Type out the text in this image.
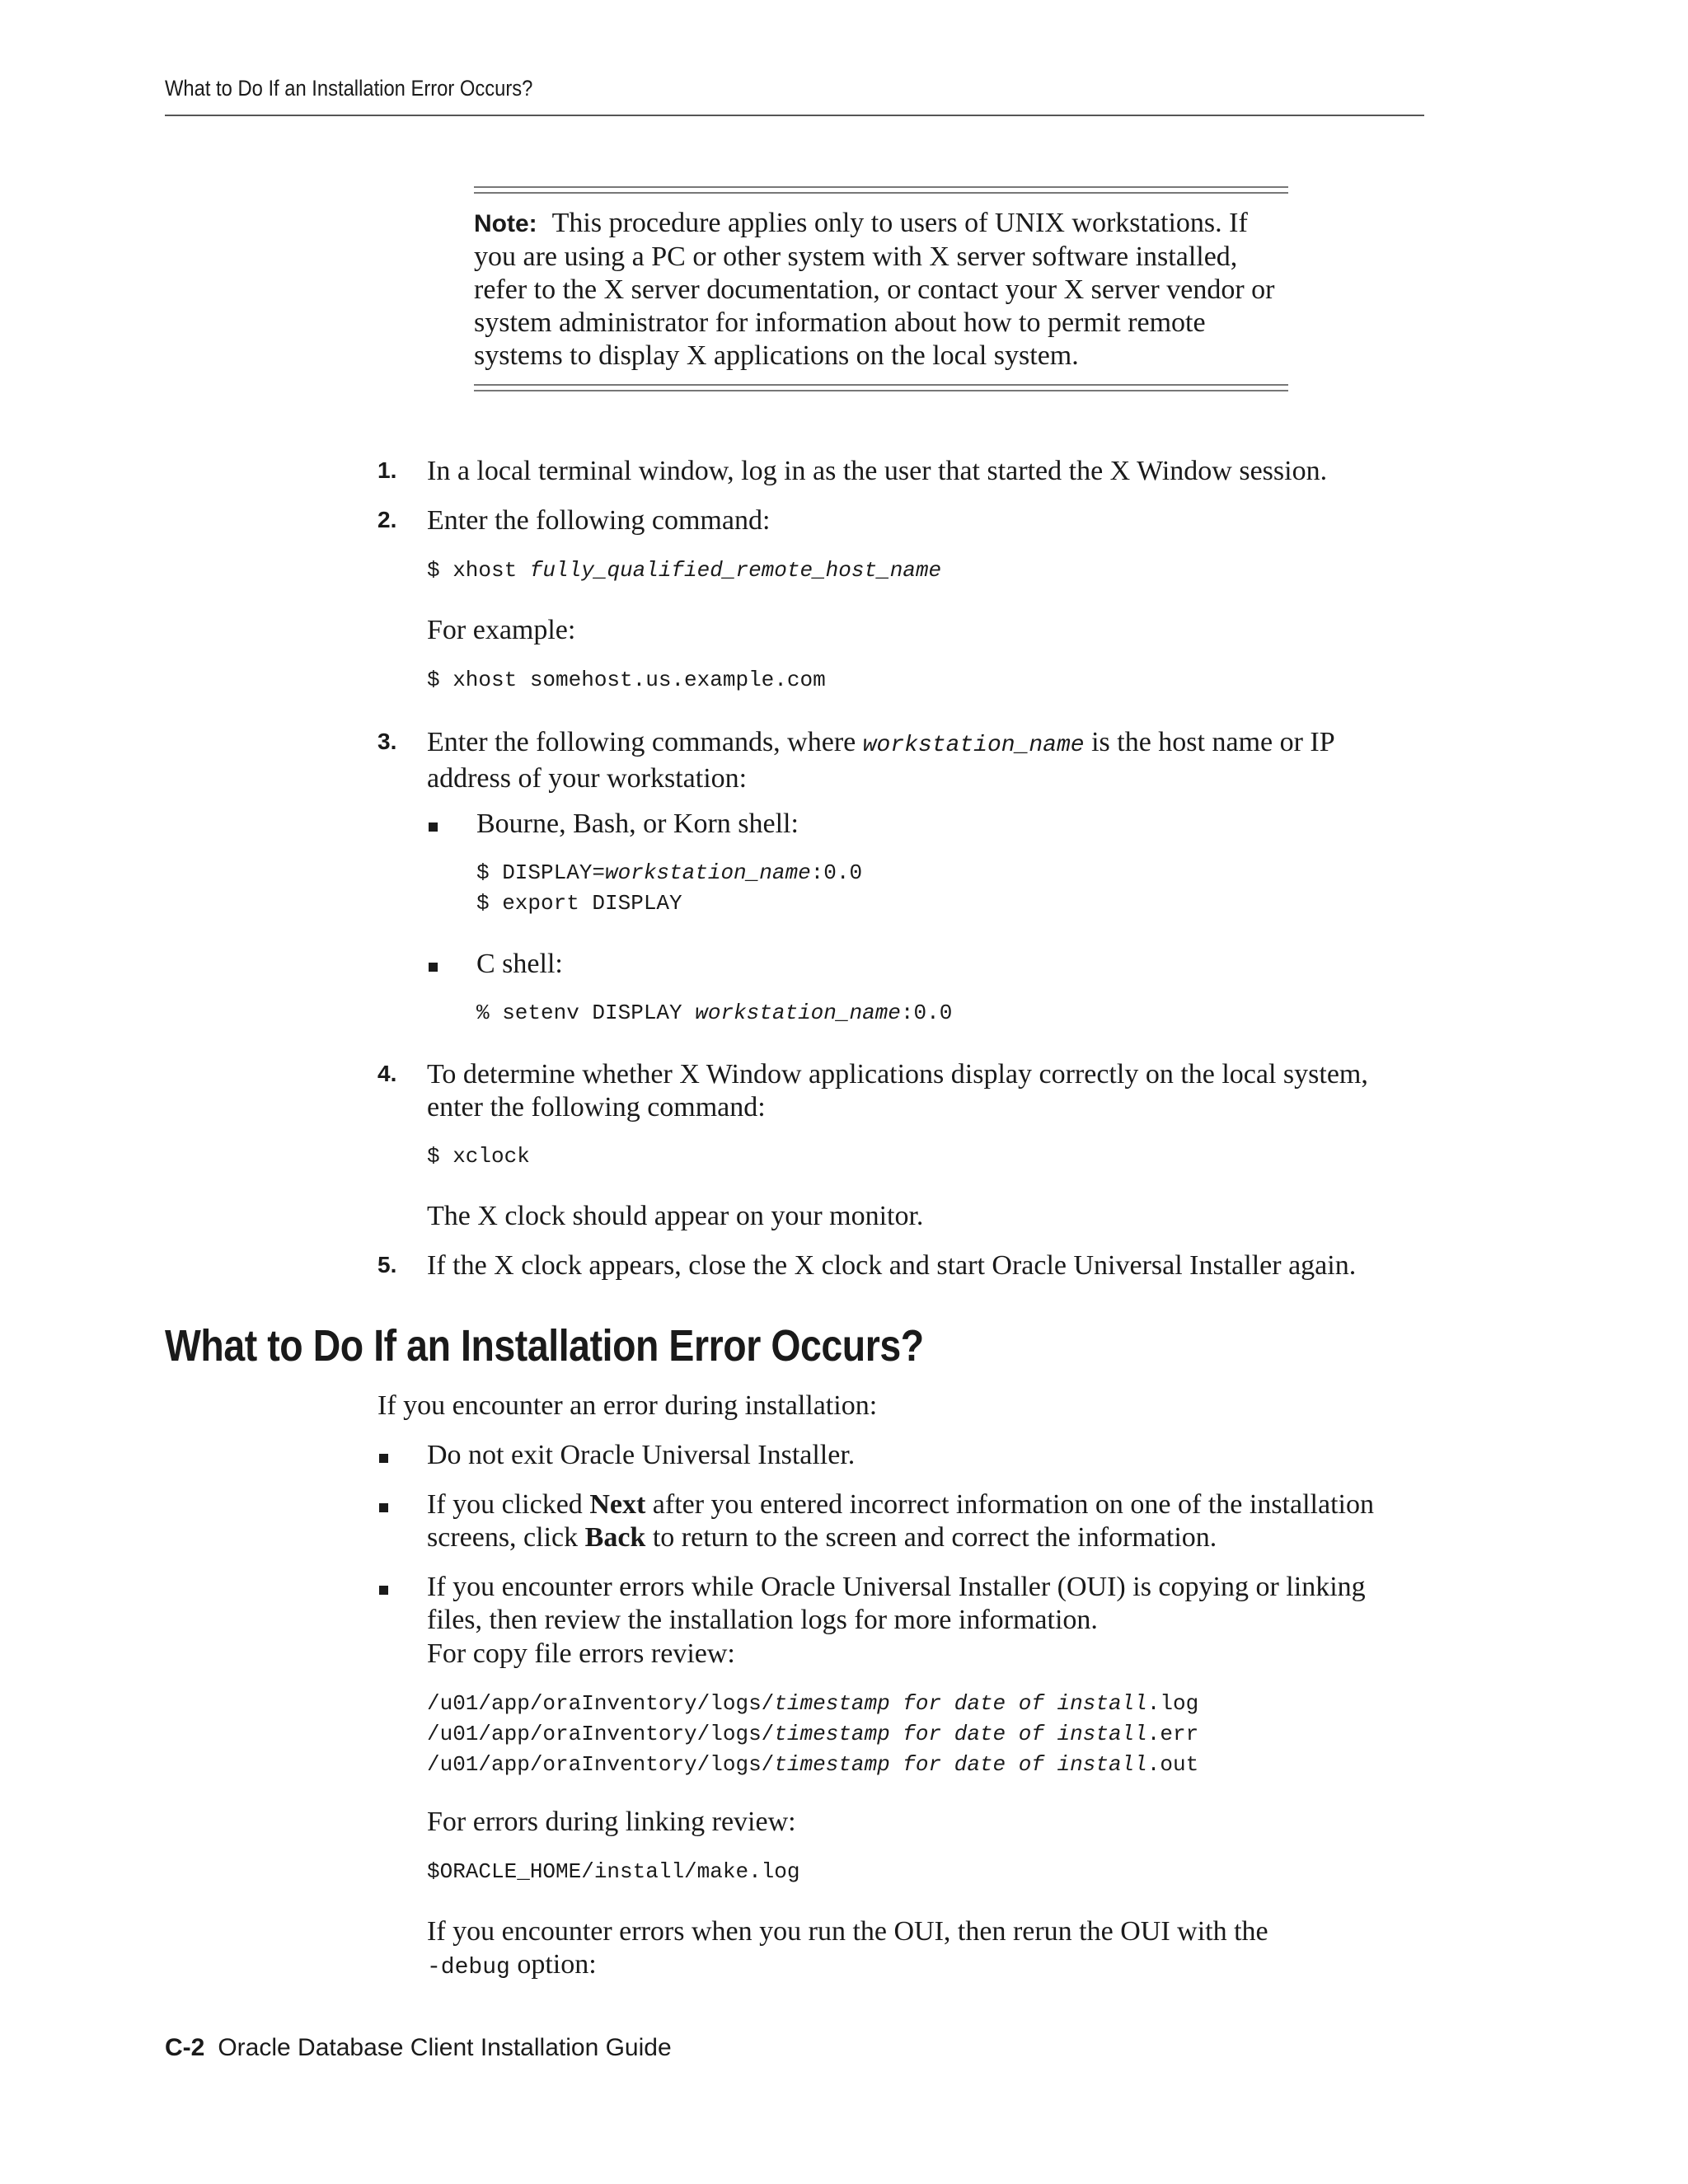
What to Do If an Installation Error Occurs?
Note: This procedure applies only to users of UNIX workstations. If you are using a PC or other system with X server software installed, refer to the X server documentation, or contact your X server vendor or system administrator for information about how to permit remote systems to display X applications on the local system.
1. In a local terminal window, log in as the user that started the X Window session.
2. Enter the following command:
$ xhost fully_qualified_remote_host_name
For example:
$ xhost somehost.us.example.com
3. Enter the following commands, where workstation_name is the host name or IP address of your workstation:
Bourne, Bash, or Korn shell:
$ DISPLAY=workstation_name:0.0
$ export DISPLAY
C shell:
% setenv DISPLAY workstation_name:0.0
4. To determine whether X Window applications display correctly on the local system, enter the following command:
$ xclock
The X clock should appear on your monitor.
5. If the X clock appears, close the X clock and start Oracle Universal Installer again.
What to Do If an Installation Error Occurs?
If you encounter an error during installation:
Do not exit Oracle Universal Installer.
If you clicked Next after you entered incorrect information on one of the installation screens, click Back to return to the screen and correct the information.
If you encounter errors while Oracle Universal Installer (OUI) is copying or linking files, then review the installation logs for more information.
For copy file errors review:
/u01/app/oraInventory/logs/timestamp for date of install.log
/u01/app/oraInventory/logs/timestamp for date of install.err
/u01/app/oraInventory/logs/timestamp for date of install.out
For errors during linking review:
$ORACLE_HOME/install/make.log
If you encounter errors when you run the OUI, then rerun the OUI with the
-debug option:
C-2 Oracle Database Client Installation Guide
